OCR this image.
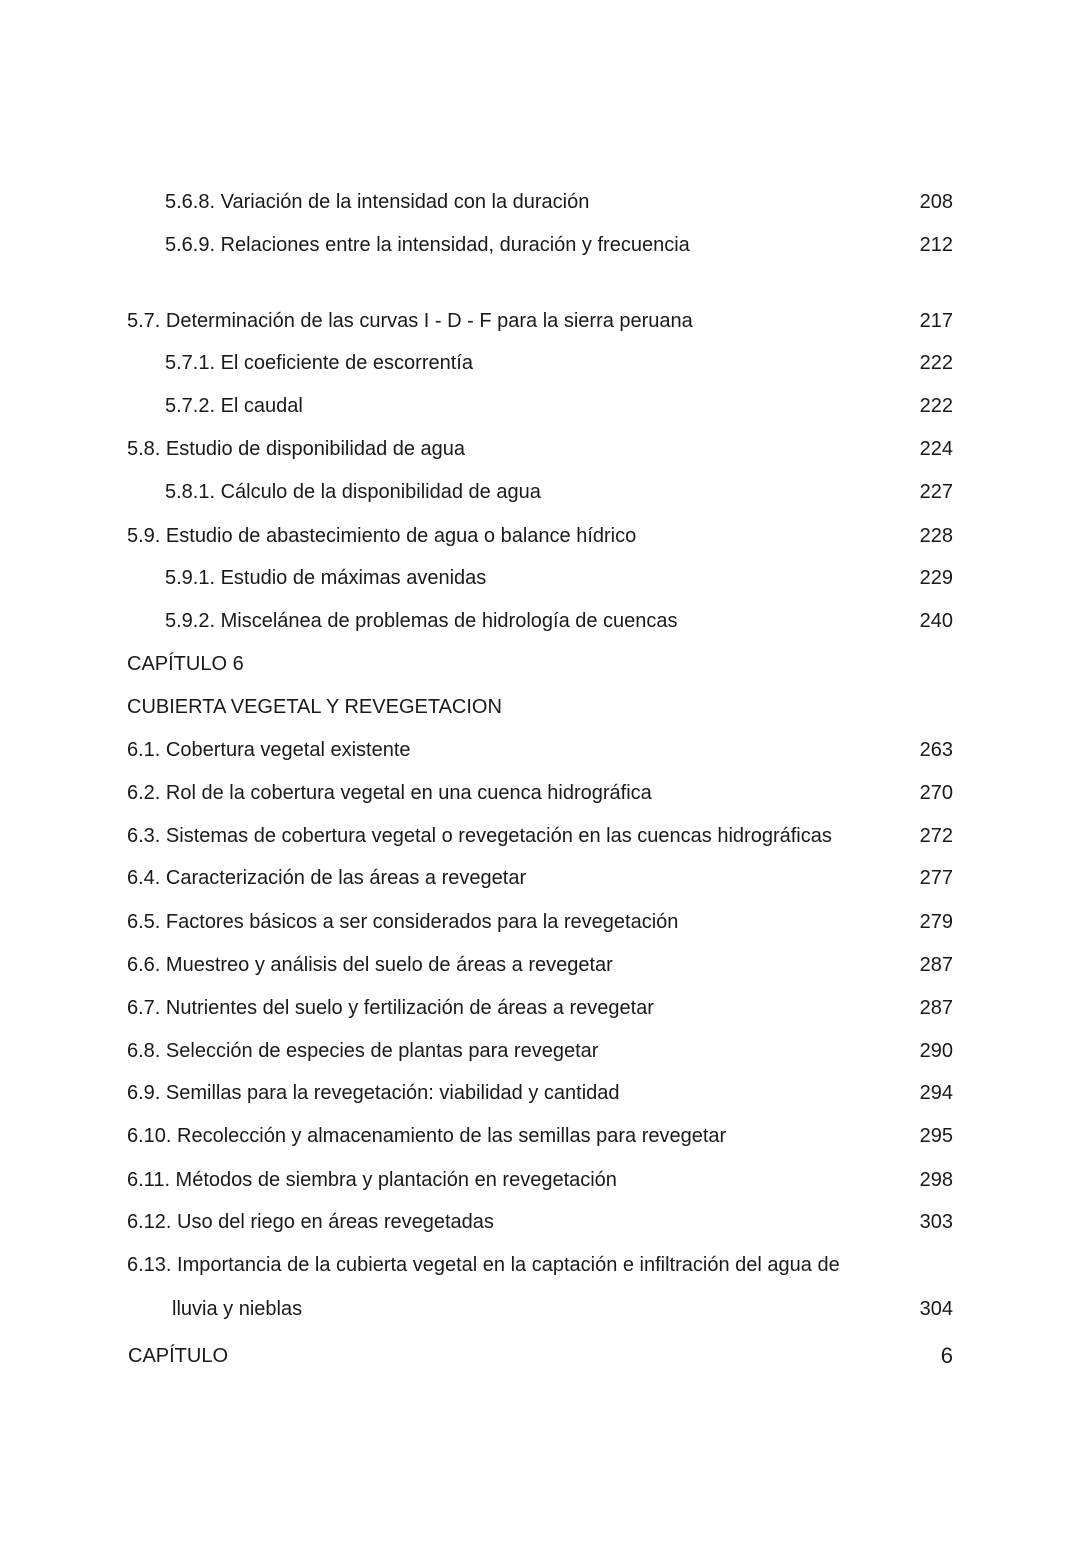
5.6.8. Variación de la intensidad con la duración	208
5.6.9. Relaciones entre la intensidad, duración y frecuencia	212
5.7. Determinación de las curvas I - D - F para la sierra peruana	217
5.7.1. El coeficiente de escorrentía	222
5.7.2. El caudal	222
5.8. Estudio de disponibilidad de agua	224
5.8.1. Cálculo de la disponibilidad de agua	227
5.9. Estudio de abastecimiento de agua o balance hídrico	228
5.9.1. Estudio de máximas avenidas	229
5.9.2. Miscelánea de problemas de hidrología de cuencas	240
CAPÍTULO 6
CUBIERTA VEGETAL Y REVEGETACION
6.1. Cobertura vegetal existente	263
6.2. Rol de la cobertura vegetal en una cuenca hidrográfica	270
6.3. Sistemas de cobertura vegetal o revegetación en las cuencas hidrográficas	272
6.4. Caracterización de las áreas a revegetar	277
6.5. Factores básicos a ser considerados para la revegetación	279
6.6. Muestreo y análisis del suelo de áreas a revegetar	287
6.7. Nutrientes del suelo y fertilización de áreas a revegetar	287
6.8. Selección de especies de plantas para revegetar	290
6.9. Semillas para la revegetación: viabilidad y cantidad	294
6.10. Recolección y almacenamiento de las semillas para revegetar	295
6.11. Métodos de siembra y plantación en revegetación	298
6.12. Uso del riego en áreas revegetadas	303
6.13. Importancia de la cubierta vegetal en la captación e infiltración del agua de
lluvia y nieblas	304
CAPÍTULO	6
